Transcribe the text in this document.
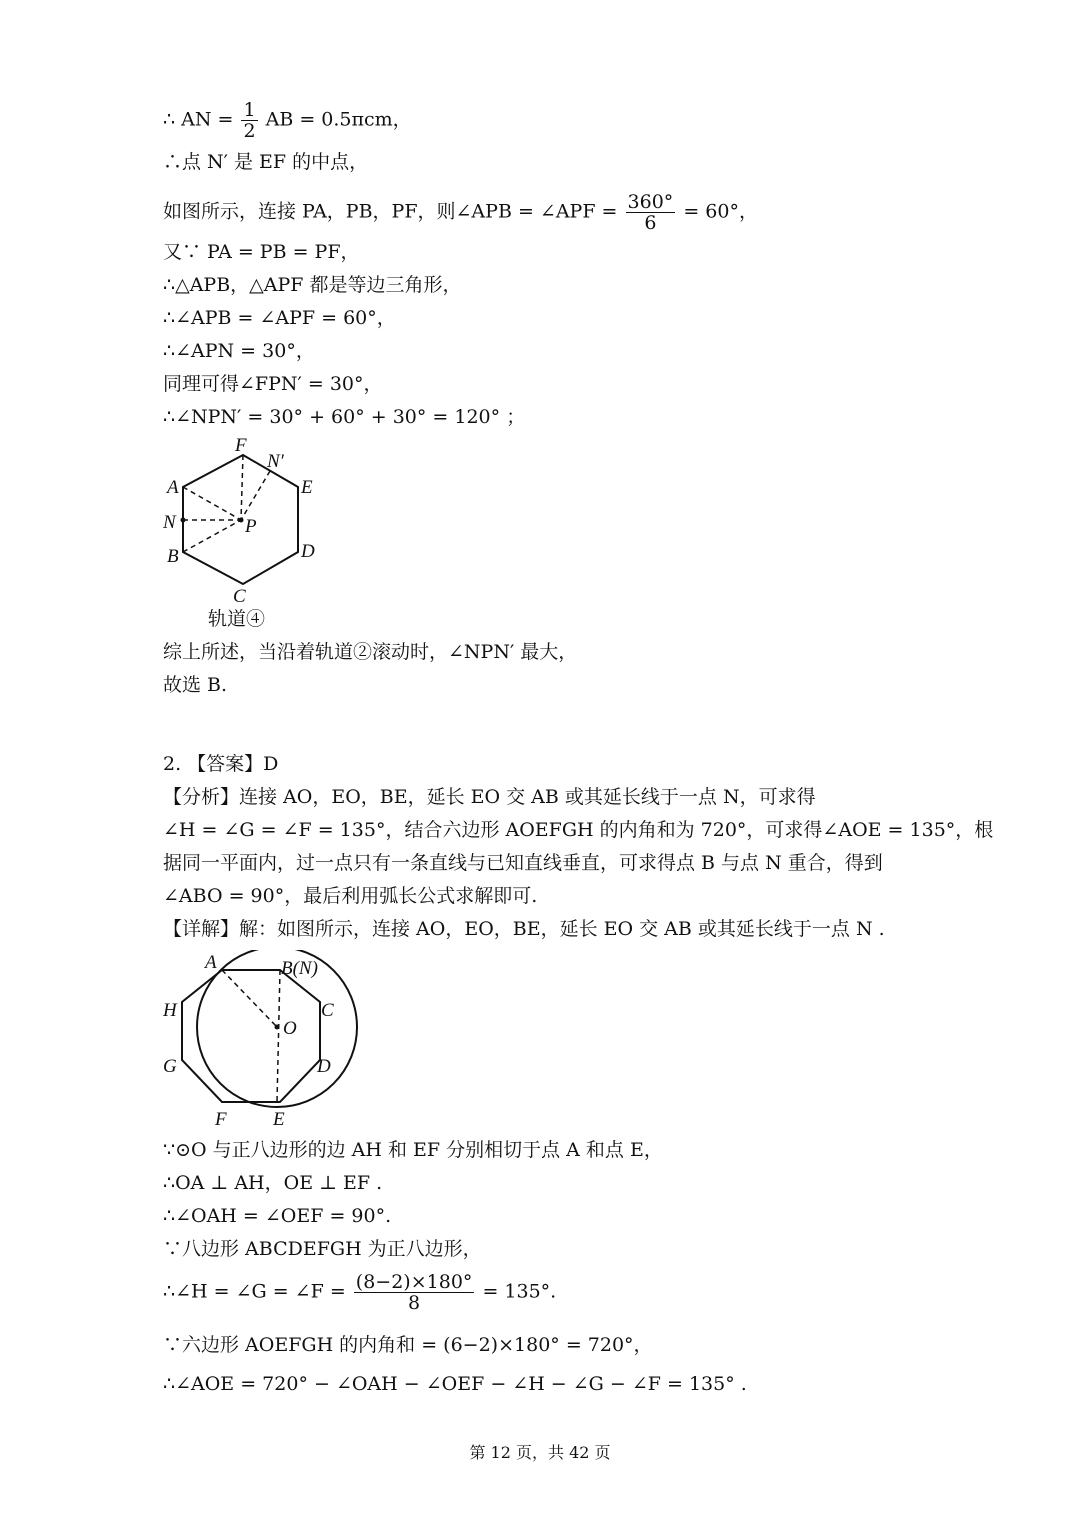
∴ AN = $\frac{1}{2}$ AB = 0.5πcm，
∴点 N′ 是 EF 的中点，
如图所示，连接 PA，PB，PF，则∠APB = ∠APF = $\frac{360^\circ}{6} = 60^\circ$，
又∵ PA = PB = PF，
∴△APB，△APF 都是等边三角形，
∴∠APB = ∠APF = 60°，
∴∠APN = 30°，
同理可得∠FPN′ = 30°，
∴∠NPN′ = 30° + 60° + 30° = 120° ；
F
N′
A	E
N	P
B	D
C
轨道④
综上所述，当沿着轨道②滚动时，∠NPN′ 最大，
故选 B.
2. 【答案】D
【分析】连接 AO，EO，BE，延长 EO 交 AB 或其延长线于一点 N，可求得
∠H = ∠G = ∠F = 135°，结合六边形 AOEFGH 的内角和为 720°，可求得∠AOE = 135°，根
据同一平面内，过一点只有一条直线与已知直线垂直，可求得点 B 与点 N 重合，得到
∠ABO = 90°，最后利用弧长公式求解即可.
【详解】解：如图所示，连接 AO，EO，BE，延长 EO 交 AB 或其延长线于一点 N .
A	B(N)
H	C
O
G	D
F E
∵⊙O 与正八边形的边 AH 和 EF 分别相切于点 A 和点 E，
∴OA ⊥ AH，OE ⊥ EF .
∴∠OAH = ∠OEF = 90°.
∵八边形 ABCDEFGH 为正八边形，
∴∠H = ∠G = ∠F = $\frac{(8-2)\times 180^\circ}{8} = 135^\circ$.
∵六边形 AOEFGH 的内角和 = (6−2)×180° = 720°，
∴∠AOE = 720° − ∠OAH − ∠OEF − ∠H − ∠G − ∠F = 135° .
第 12 页，共 42 页
